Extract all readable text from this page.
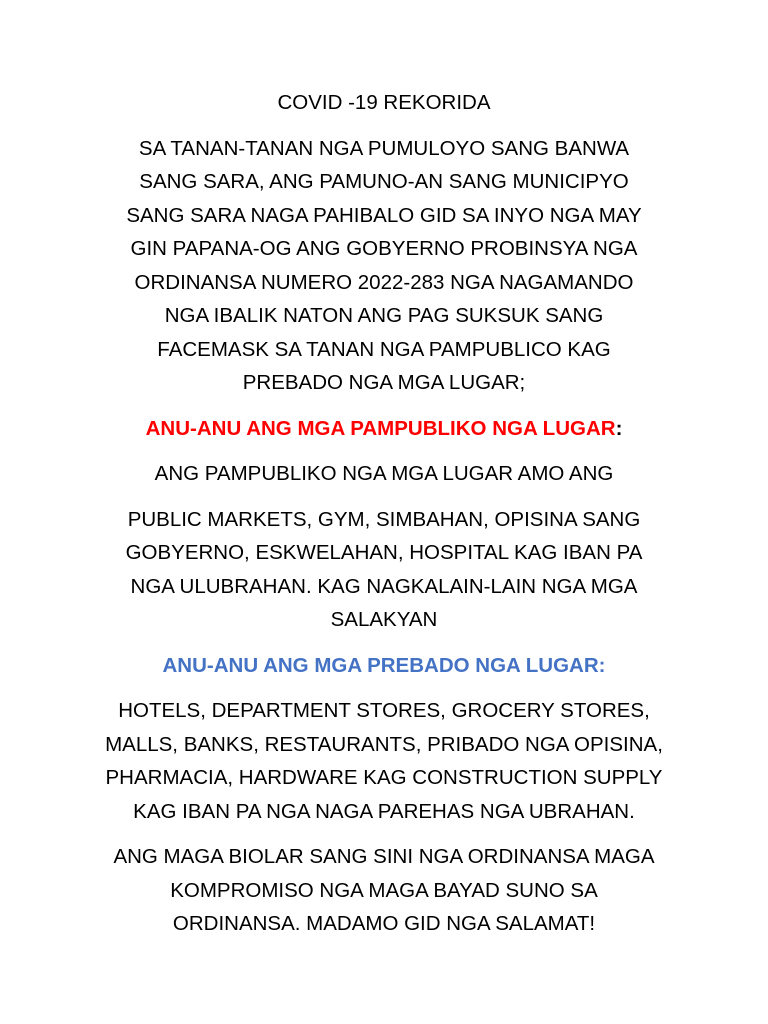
COVID -19 REKORIDA
SA TANAN-TANAN NGA PUMULOYO SANG BANWA
SANG SARA, ANG PAMUNO-AN SANG MUNICIPYO
SANG SARA NAGA PAHIBALO GID SA INYO NGA MAY
GIN PAPANA-OG ANG GOBYERNO PROBINSYA NGA
ORDINANSA NUMERO 2022-283 NGA NAGAMANDO
NGA IBALIK NATON ANG PAG SUKSUK SANG
FACEMASK SA TANAN NGA PAMPUBLICO KAG
PREBADO NGA MGA LUGAR;
ANU-ANU ANG MGA PAMPUBLIKO NGA LUGAR:
ANG PAMPUBLIKO NGA MGA LUGAR AMO ANG
PUBLIC MARKETS, GYM, SIMBAHAN, OPISINA SANG
GOBYERNO, ESKWELAHAN, HOSPITAL KAG IBAN PA
NGA ULUBRAHAN. KAG NAGKALAIN-LAIN NGA MGA
SALAKYAN
ANU-ANU ANG MGA PREBADO NGA LUGAR:
HOTELS, DEPARTMENT STORES, GROCERY STORES,
MALLS, BANKS, RESTAURANTS, PRIBADO NGA OPISINA,
PHARMACIA, HARDWARE KAG CONSTRUCTION SUPPLY
KAG IBAN PA NGA NAGA PAREHAS NGA UBRAHAN.
ANG MAGA BIOLAR SANG SINI NGA ORDINANSA MAGA
KOMPROMISO NGA MAGA BAYAD SUNO SA
ORDINANSA. MADAMO GID NGA SALAMAT!
